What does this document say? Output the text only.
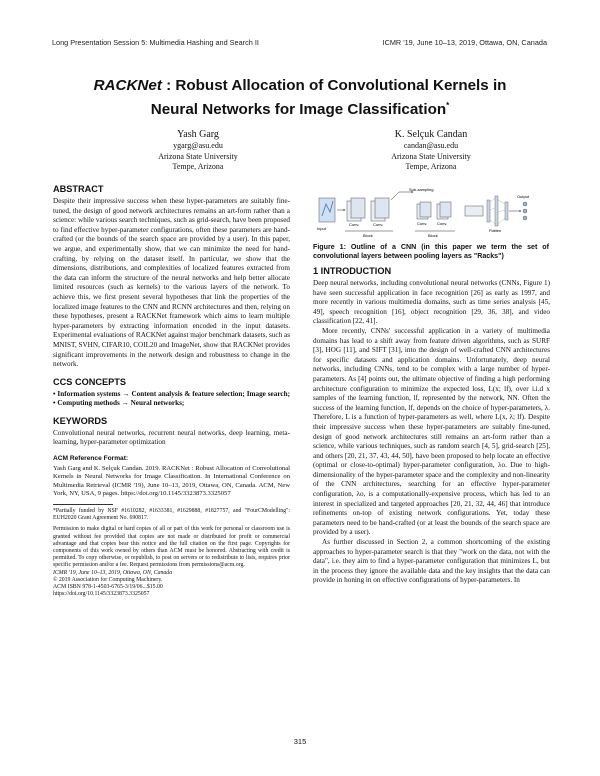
Long Presentation Session 5: Multimedia Hashing and Search II	ICMR '19, June 10–13, 2019, Ottawa, ON, Canada
RACKNet : Robust Allocation of Convolutional Kernels in
Neural Networks for Image Classification*
Yash Garg
ygarg@asu.edu
Arizona State University
Tempe, Arizona
K. Selçuk Candan
candan@asu.edu
Arizona State University
Tempe, Arizona
ABSTRACT

Despite their impressive success when these hyper-parameters are suitably fine-tuned, the design of good network architectures remains an art-form rather than a science: while various search techniques, such as grid-search, have been proposed to find effective hyper-parameter configurations, often these parameters are hand-crafted (or the bounds of the search space are provided by a user). In this paper, we argue, and experimentally show, that we can minimize the need for hand-crafting, by relying on the dataset itself. In particular, we show that the dimensions, distributions, and complexities of localized features extracted from the data can inform the structure of the neural networks and help better allocate limited resources (such as kernels) to the various layers of the network. To achieve this, we first present several hypotheses that link the properties of the localized image features to the CNN and RCNN architectures and then, relying on these hypotheses, present a RACKNet framework which aims to learn multiple hyper-parameters by extracting information encoded in the input datasets. Experimental evaluations of RACKNet against major benchmark datasets, such as MNIST, SVHN, CIFAR10, COIL20 and ImageNet, show that RACKNet provides significant improvements in the network design and robustness to change in the network.

CCS CONCEPTS

• Information systems → Content analysis & feature selection; Image search; • Computing methods → Neural networks;

KEYWORDS

Convolutional neural networks, recurrent neural networks, deep learning, meta-learning, hyper-parameter optimization

ACM Reference Format:

Yash Garg and K. Selçuk Candan. 2019. RACKNet : Robust Allocation of Convolutional Kernels in Neural Networks for Image Classification. In International Conference on Multimedia Retrieval (ICMR '19), June 10–13, 2019, Ottawa, ON, Canada. ACM, New York, NY, USA, 9 pages. https://doi.org/10.1145/3323873.3325057

*Partially funded by NSF #1610282, #1633381, #1629888, #1827757, and "FourCModelling": EUH2020 Grant Agreement No. 690817.

Permission to make digital or hard copies of all or part of this work for personal or classroom use is granted without fee provided that copies are not made or distributed for profit or commercial advantage and that copies bear this notice and the full citation on the first page. Copyrights for components of this work owned by others than ACM must be honored. Abstracting with credit is permitted. To copy otherwise, or republish, to post on servers or to redistribute to lists, requires prior specific permission and/or a fee. Request permissions from permissions@acm.org.

ICMR '19, June 10–13, 2019, Ottawa, ON, Canada

© 2019 Association for Computing Machinery.

ACM ISBN 978-1-4503-6765-3/19/06...$15.00

https://doi.org/10.1145/3323873.3325057

Input
Conv.	Conv.
Block
Conv. Conv.
Block
Sub-sampling
Flatten
Output
Figure 1: Outline of a CNN (in this paper we term the set of convolutional layers between pooling layers as "Racks")
1 INTRODUCTION

Deep neural networks, including convolutional neural networks (CNNs, Figure 1) have seen successful application in face recognition [26] as early as 1997, and more recently in various multimedia domains, such as time series analysis [45, 49], speech recognition [16], object recognition [29, 36, 38], and video classification [22, 41].

More recently, CNNs' successful application in a variety of multimedia domains has lead to a shift away from feature driven algorithms, such as SURF [3], HOG [11], and SIFT [31], into the design of well-crafted CNN architectures for specific datasets and application domains. Unfortunately, deep neural networks, including CNNs, tend to be complex with a large number of hyper-parameters. As [4] points out, the ultimate objective of finding a high performing architecture configuration to minimize the expected loss, L(x; lf), over i.i.d x samples of the learning function, lf, represented by the network, NN. Often the success of the learning function, lf, depends on the choice of hyper-parameters, λ. Therefore, L is a function of hyper-parameters as well, where L(x, λ; lf). Despite their impressive success when these hyper-parameters are suitably fine-tuned, design of good network architectures still remains an art-form rather than a science, while various techniques, such as random search [4, 5], grid-search [25], and others [20, 21, 37, 43, 44, 50], have been proposed to help locate an effective (optimal or close-to-optimal) hyper-parameter configuration, λo. Due to high-dimensionality of the hyper-parameter space and the complexity and non-linearity of the CNN architectures, searching for an effective hyper-parameter configuration, λo, is a computationally-expensive process, which has led to an interest in specialized and targeted approaches [20, 21, 32, 44, 46] that introduce refinements on-top of existing network configurations. Yet, today these parameters need to be hand-crafted (or at least the bounds of the search space are provided by a user).

As further discussed in Section 2, a common shortcoming of the existing approaches to hyper-parameter search is that they "work on the data, not with the data", i.e. they aim to find a hyper-parameter configuration that minimizes L, but in the process they ignore the available data and the key insights that the data can provide in honing in on effective configurations of hyper-parameters. In

315
